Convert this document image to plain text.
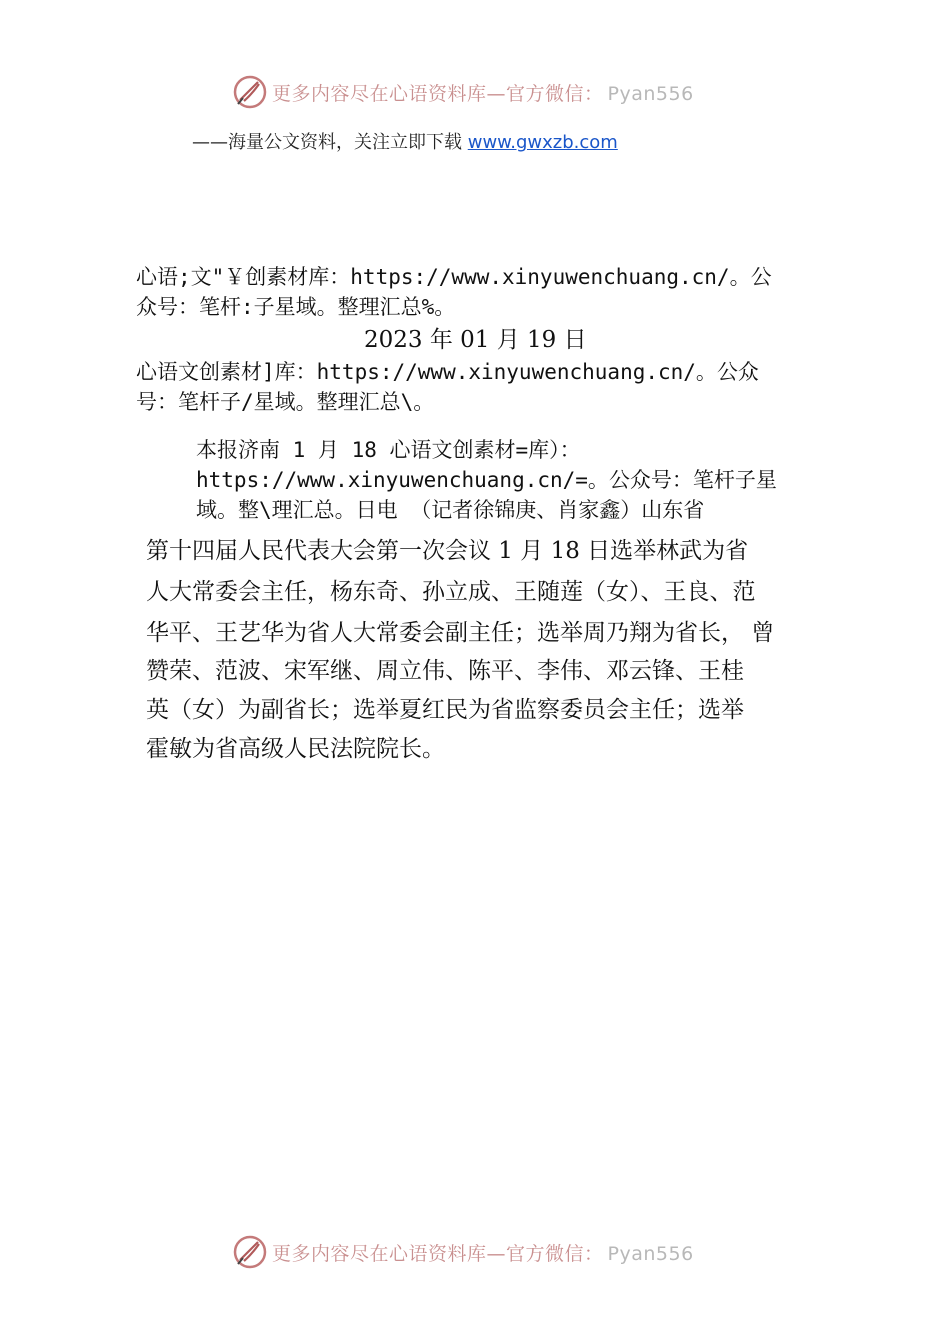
更多内容尽在心语资料库—官方微信： Pyan556
——海量公文资料，关注立即下载 www.gwxzb.com
心语;文"￥创素材库：https://www.xinyuwenchuang.cn/。公
众号：笔杆:子星域。整理汇总%。
2023 年 01 月 19 日
心语文创素材]库：https://www.xinyuwenchuang.cn/。公众
号：笔杆子/星域。整理汇总\。
本报济南 1 月 18 心语文创素材=库）：
https://www.xinyuwenchuang.cn/=。公众号：笔杆子星
域。整\理汇总。日电 （记者徐锦庚、肖家鑫）山东省
第十四届人民代表大会第一次会议 1 月 18 日选举林武为省
人大常委会主任，杨东奇、孙立成、王随莲（女）、王良、范
华平、王艺华为省人大常委会副主任；选举周乃翔为省长， 曾
赞荣、范波、宋军继、周立伟、陈平、李伟、邓云锋、王桂
英（女）为副省长；选举夏红民为省监察委员会主任；选举
霍敏为省高级人民法院院长。
更多内容尽在心语资料库—官方微信： Pyan556
